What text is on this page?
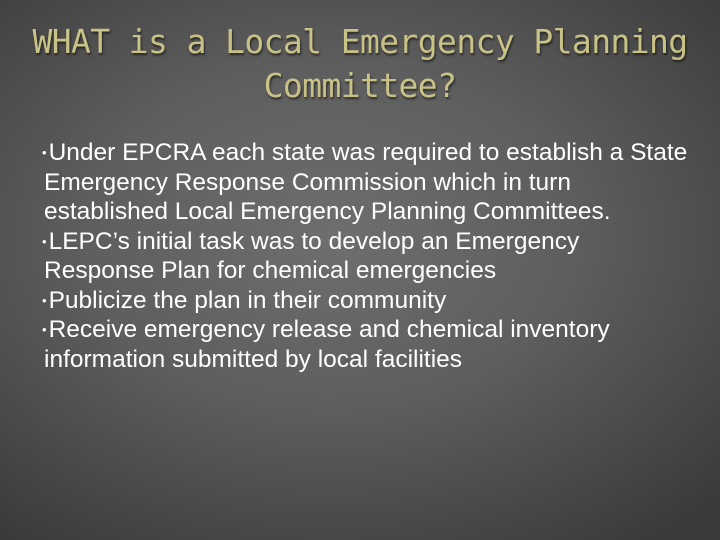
WHAT is a Local Emergency Planning
Committee?

•Under EPCRA each state was required to establish a State Emergency Response Commission which in turn established Local Emergency Planning Committees.

•LEPC’s initial task was to develop an Emergency Response Plan for chemical emergencies

•Publicize the plan in their community

•Receive emergency release and chemical inventory information submitted by local facilities
